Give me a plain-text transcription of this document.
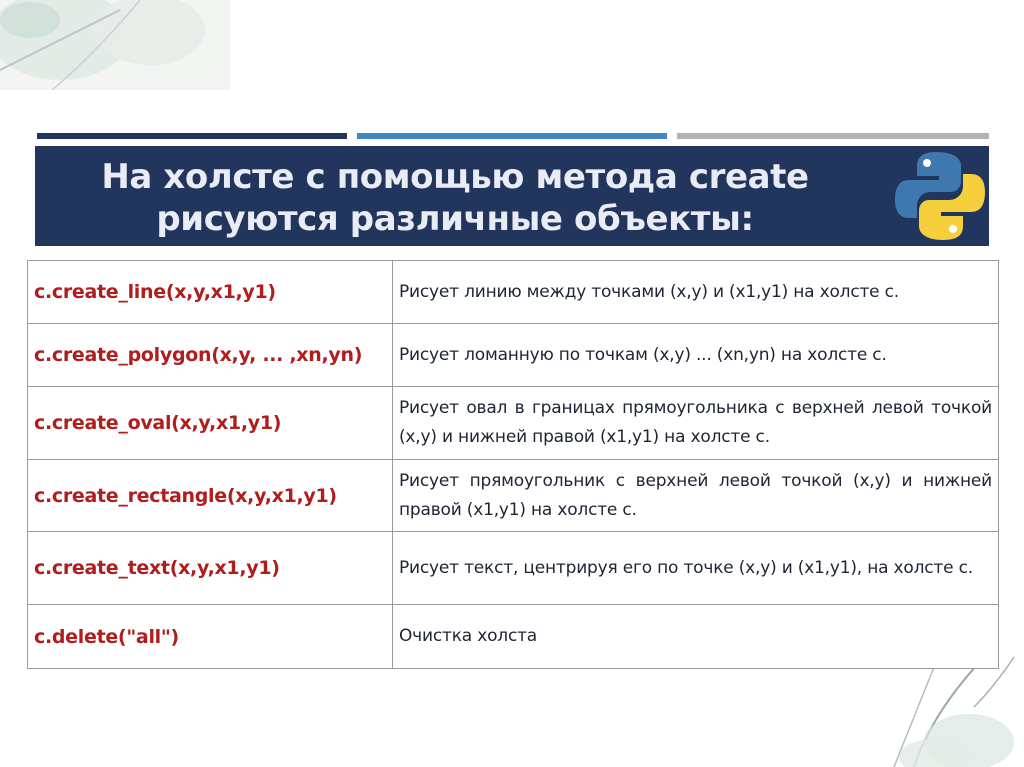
На холсте с помощью метода create
рисуются различные объекты:
c.create_line(x,y,x1,y1)	Рисует линию между точками (x,y) и (x1,y1) на холсте c.
c.create_polygon(x,y, ... ,xn,yn)	Рисует ломанную по точкам (x,y) ... (xn,yn) на холсте c.
c.create_oval(x,y,x1,y1)	Рисует овал в границах прямоугольника с верхней левой точкой (x,y) и нижней правой (x1,y1) на холсте c.
c.create_rectangle(x,y,x1,y1)	Рисует прямоугольник с верхней левой точкой (x,y) и нижней правой (x1,y1) на холсте c.
c.create_text(x,y,x1,y1)	Рисует текст, центрируя его по точке (x,y) и (x1,y1), на холсте c.
c.delete("all")	Очистка холста
